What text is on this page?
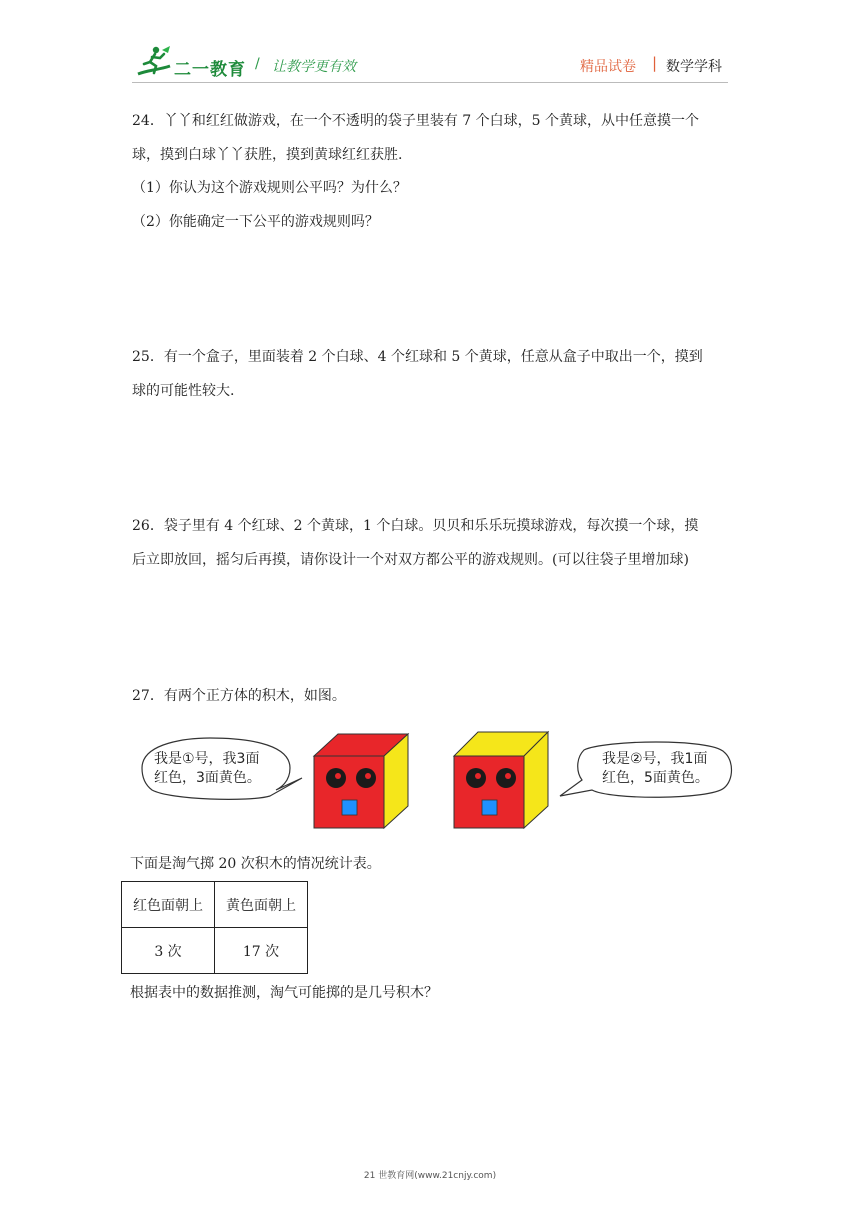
二一教育 / 让教学更有效	精品试卷 | 数学学科
24．丫丫和红红做游戏，在一个不透明的袋子里装有 7 个白球，5 个黄球，从中任意摸一个
球，摸到白球丫丫获胜，摸到黄球红红获胜.
（1）你认为这个游戏规则公平吗？为什么？
（2）你能确定一下公平的游戏规则吗？
25．有一个盒子，里面装着 2 个白球、4 个红球和 5 个黄球，任意从盒子中取出一个，摸到
球的可能性较大.
26．袋子里有 4 个红球、2 个黄球，1 个白球。贝贝和乐乐玩摸球游戏，每次摸一个球，摸
后立即放回，摇匀后再摸，请你设计一个对双方都公平的游戏规则。(可以往袋子里增加球)
27．有两个正方体的积木，如图。
我是①号，我3面
红色，3面黄色。
我是②号，我1面
红色，5面黄色。
下面是淘气掷 20 次积木的情况统计表。
红色面朝上	黄色面朝上
3 次	17 次
根据表中的数据推测，淘气可能掷的是几号积木？
21 世教育网(www.21cnjy.com)
